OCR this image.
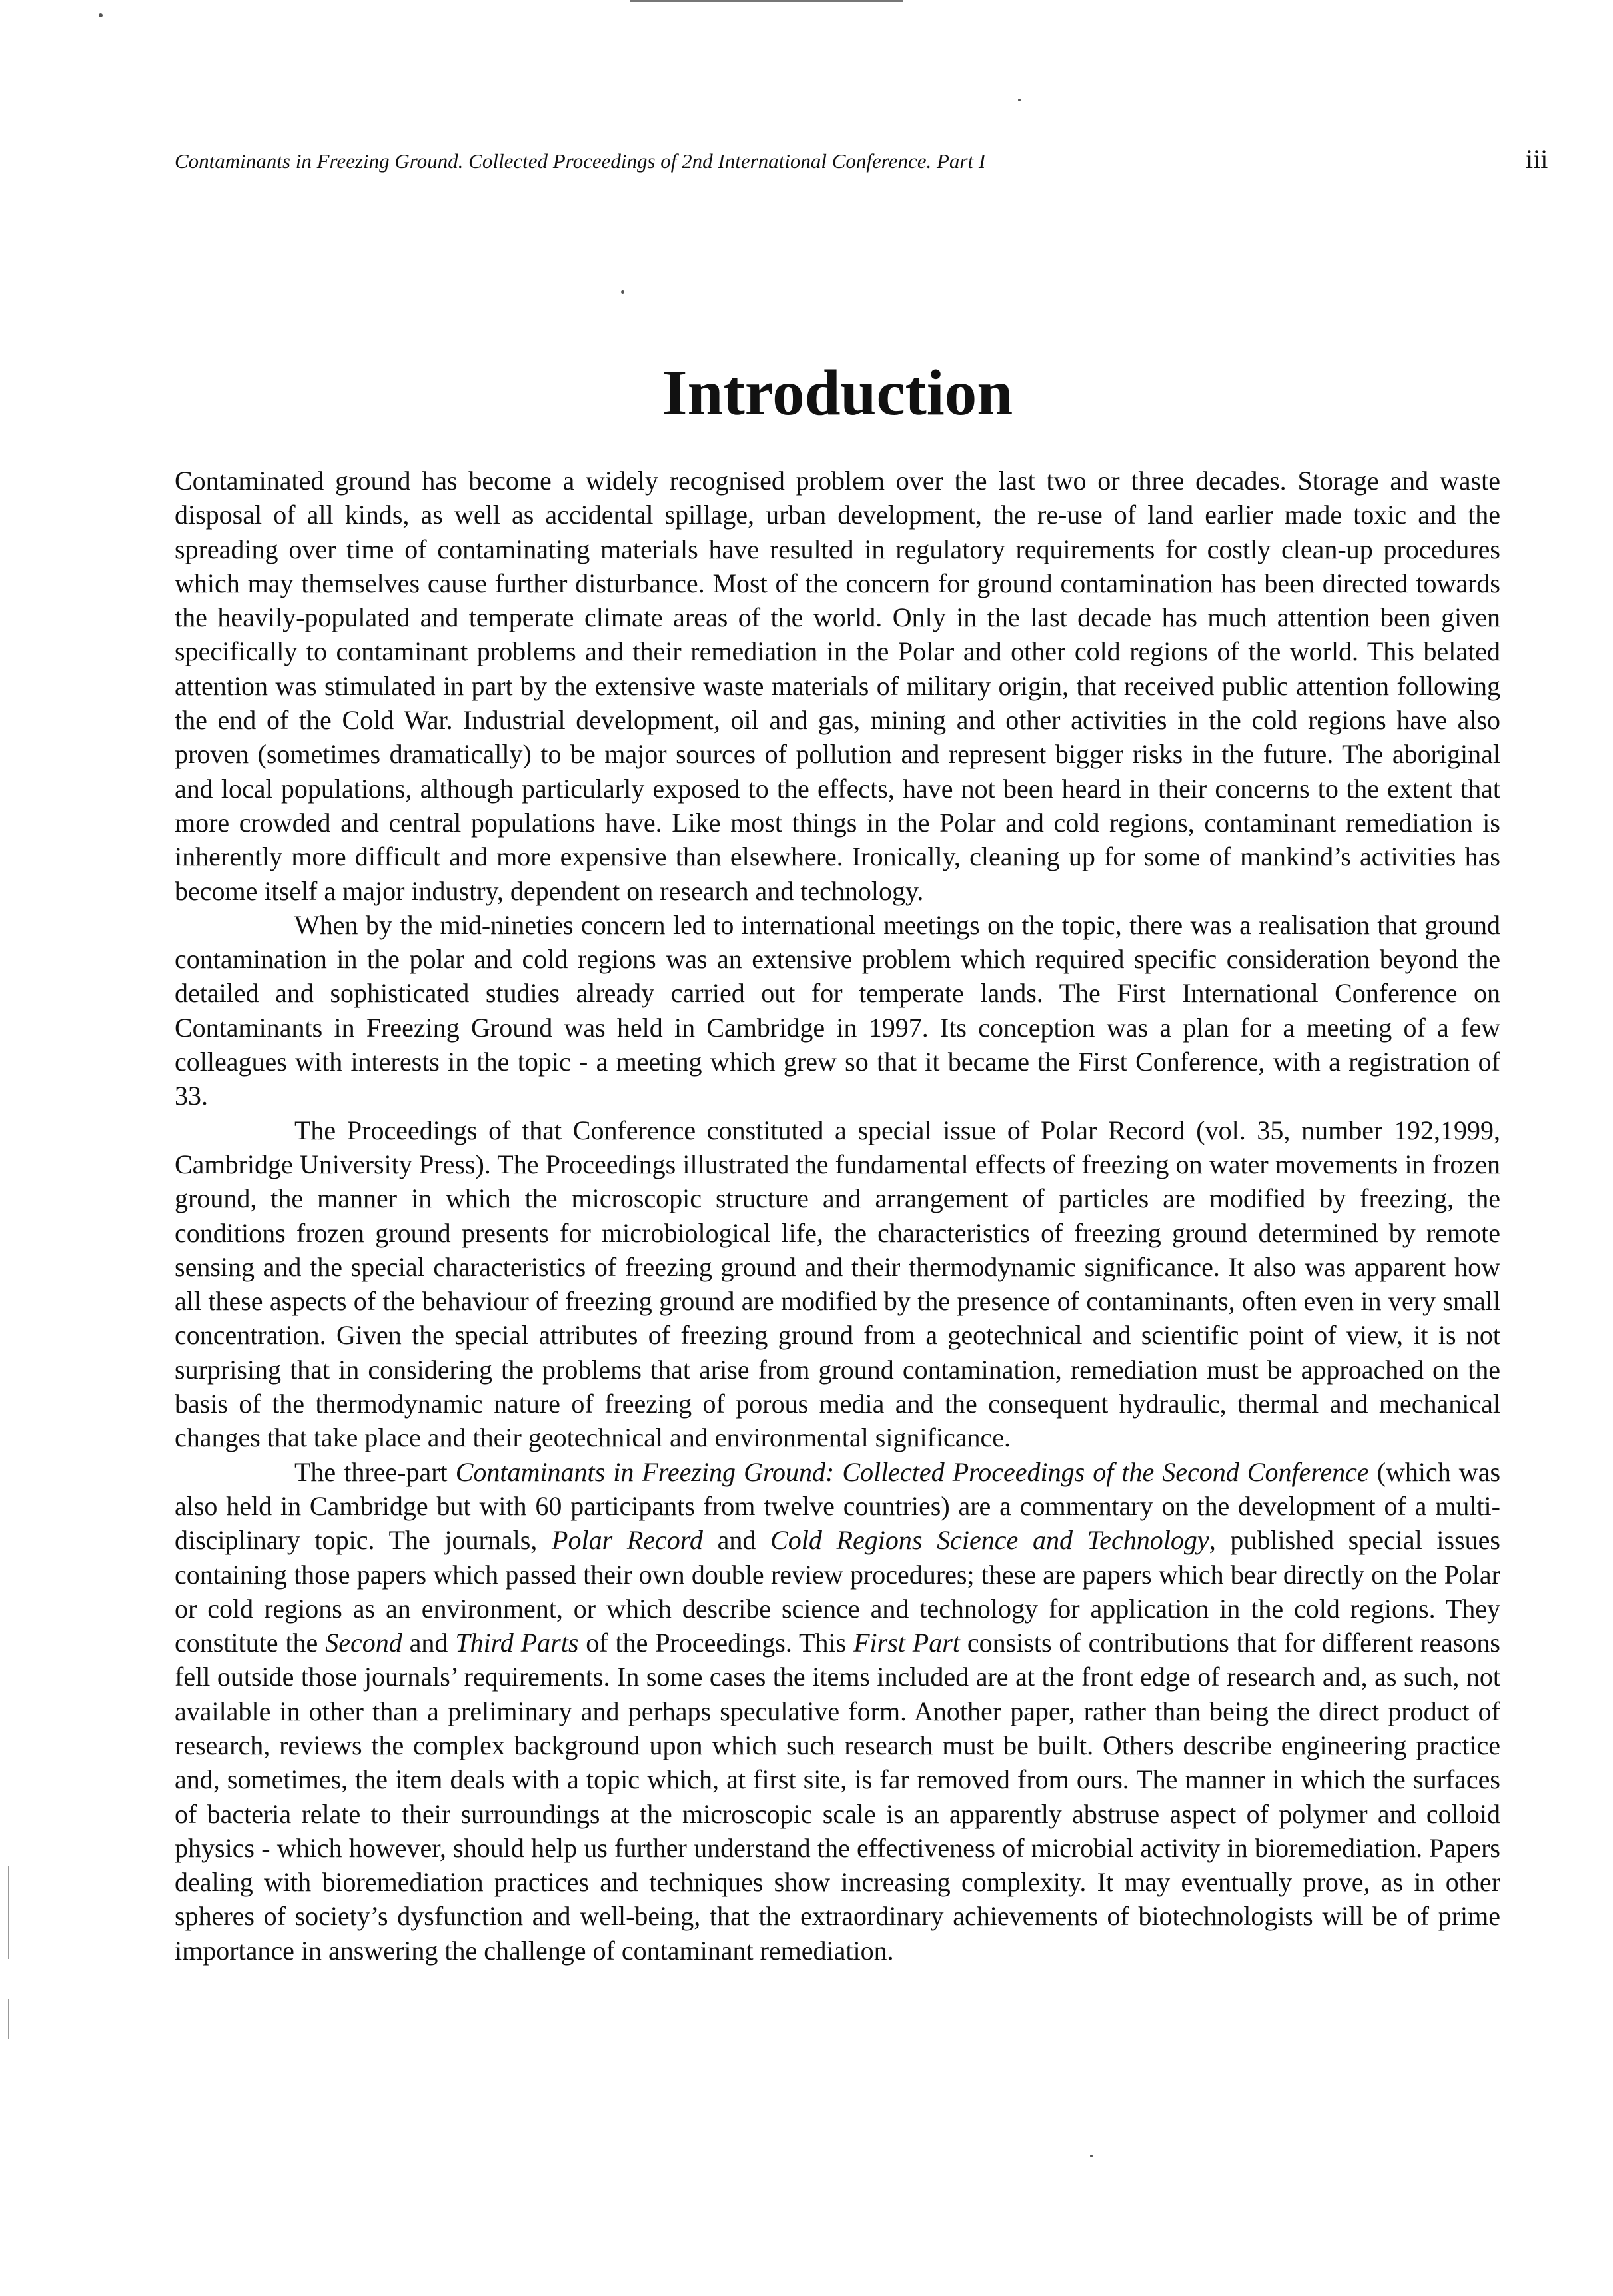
Contaminants in Freezing Ground. Collected Proceedings of 2nd International Conference. Part I	iii
Introduction

Contaminated ground has become a widely recognised problem over the last two or three decades. Storage and waste disposal of all kinds, as well as accidental spillage, urban development, the re-use of land earlier made toxic and the spreading over time of contaminating materials have resulted in regulatory requirements for costly clean-up procedures which may themselves cause further disturbance. Most of the concern for ground contamination has been directed towards the heavily-populated and temperate climate areas of the world. Only in the last decade has much attention been given specifically to contaminant problems and their remediation in the Polar and other cold regions of the world. This belated attention was stimulated in part by the extensive waste materials of military origin, that received public attention following the end of the Cold War. Industrial development, oil and gas, mining and other activities in the cold regions have also proven (sometimes dramatically) to be major sources of pollution and represent bigger risks in the future. The aboriginal and local populations, although particularly exposed to the effects, have not been heard in their concerns to the extent that more crowded and central populations have. Like most things in the Polar and cold regions, contaminant remediation is inherently more difficult and more expensive than elsewhere. Ironically, cleaning up for some of mankind’s activities has become itself a major industry, dependent on research and technology.

When by the mid-nineties concern led to international meetings on the topic, there was a realisation that ground contamination in the polar and cold regions was an extensive problem which required specific consideration beyond the detailed and sophisticated studies already carried out for temperate lands. The First International Conference on Contaminants in Freezing Ground was held in Cambridge in 1997. Its conception was a plan for a meeting of a few colleagues with interests in the topic - a meeting which grew so that it became the First Conference, with a registration of 33.

The Proceedings of that Conference constituted a special issue of Polar Record (vol. 35, number 192,1999, Cambridge University Press). The Proceedings illustrated the fundamental effects of freezing on water movements in frozen ground, the manner in which the microscopic structure and arrangement of particles are modified by freezing, the conditions frozen ground presents for microbiological life, the characteristics of freezing ground determined by remote sensing and the special characteristics of freezing ground and their thermodynamic significance. It also was apparent how all these aspects of the behaviour of freezing ground are modified by the presence of contaminants, often even in very small concentration. Given the special attributes of freezing ground from a geotechnical and scientific point of view, it is not surprising that in considering the problems that arise from ground contamination, remediation must be approached on the basis of the thermodynamic nature of freezing of porous media and the consequent hydraulic, thermal and mechanical changes that take place and their geotechnical and environmental significance.

The three-part Contaminants in Freezing Ground: Collected Proceedings of the Second Conference (which was also held in Cambridge but with 60 participants from twelve countries) are a commentary on the development of a multi-disciplinary topic. The journals, Polar Record and Cold Regions Science and Technology, published special issues containing those papers which passed their own double review procedures; these are papers which bear directly on the Polar or cold regions as an environment, or which describe science and technology for application in the cold regions. They constitute the Second and Third Parts of the Proceedings. This First Part consists of contributions that for different reasons fell outside those journals’ requirements. In some cases the items included are at the front edge of research and, as such, not available in other than a preliminary and perhaps speculative form. Another paper, rather than being the direct product of research, reviews the complex background upon which such research must be built. Others describe engineering practice and, sometimes, the item deals with a topic which, at first site, is far removed from ours. The manner in which the surfaces of bacteria relate to their surroundings at the microscopic scale is an apparently abstruse aspect of polymer and colloid physics - which however, should help us further understand the effectiveness of microbial activity in bioremediation. Papers dealing with bioremediation practices and techniques show increasing complexity. It may eventually prove, as in other spheres of society’s dysfunction and well-being, that the extraordinary achievements of biotechnologists will be of prime importance in answering the challenge of contaminant remediation.
